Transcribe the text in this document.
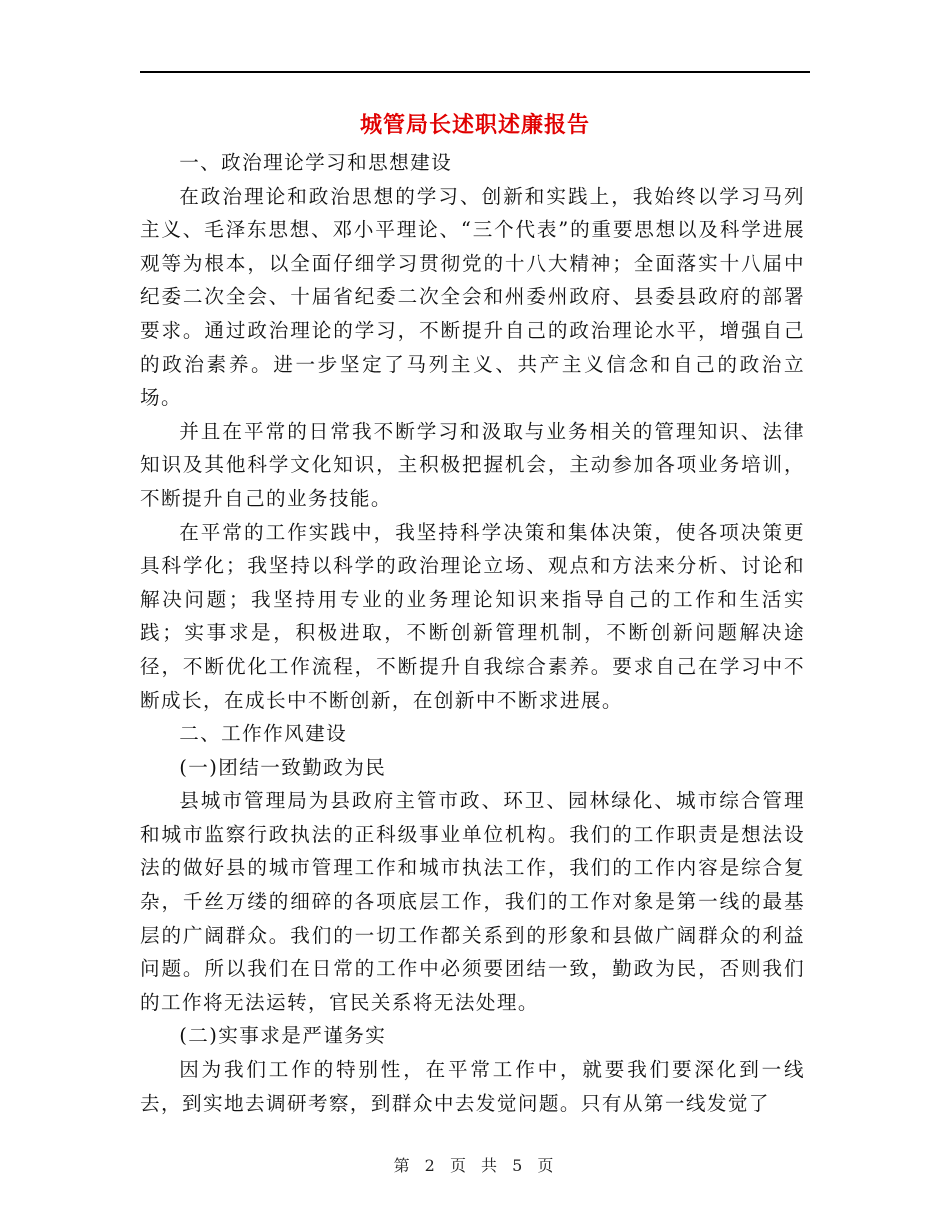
城管局长述职述廉报告

一、政治理论学习和思想建设

在政治理论和政治思想的学习、创新和实践上，我始终以学习马列主义、毛泽东思想、邓小平理论、“三个代表”的重要思想以及科学进展观等为根本，以全面仔细学习贯彻党的十八大精神；全面落实十八届中纪委二次全会、十届省纪委二次全会和州委州政府、县委县政府的部署要求。通过政治理论的学习，不断提升自己的政治理论水平，增强自己的政治素养。进一步坚定了马列主义、共产主义信念和自己的政治立场。

并且在平常的日常我不断学习和汲取与业务相关的管理知识、法律知识及其他科学文化知识，主积极把握机会，主动参加各项业务培训，不断提升自己的业务技能。

在平常的工作实践中，我坚持科学决策和集体决策，使各项决策更具科学化；我坚持以科学的政治理论立场、观点和方法来分析、讨论和解决问题；我坚持用专业的业务理论知识来指导自己的工作和生活实践；实事求是，积极进取，不断创新管理机制，不断创新问题解决途径，不断优化工作流程，不断提升自我综合素养。要求自己在学习中不断成长，在成长中不断创新，在创新中不断求进展。

二、工作作风建设

(一)团结一致勤政为民

县城市管理局为县政府主管市政、环卫、园林绿化、城市综合管理和城市监察行政执法的正科级事业单位机构。我们的工作职责是想法设法的做好县的城市管理工作和城市执法工作，我们的工作内容是综合复杂，千丝万缕的细碎的各项底层工作，我们的工作对象是第一线的最基层的广阔群众。我们的一切工作都关系到的形象和县做广阔群众的利益问题。所以我们在日常的工作中必须要团结一致，勤政为民，否则我们的工作将无法运转，官民关系将无法处理。

(二)实事求是严谨务实

因为我们工作的特别性，在平常工作中，就要我们要深化到一线去，到实地去调研考察，到群众中去发觉问题。只有从第一线发觉了

第 2 页 共 5 页
